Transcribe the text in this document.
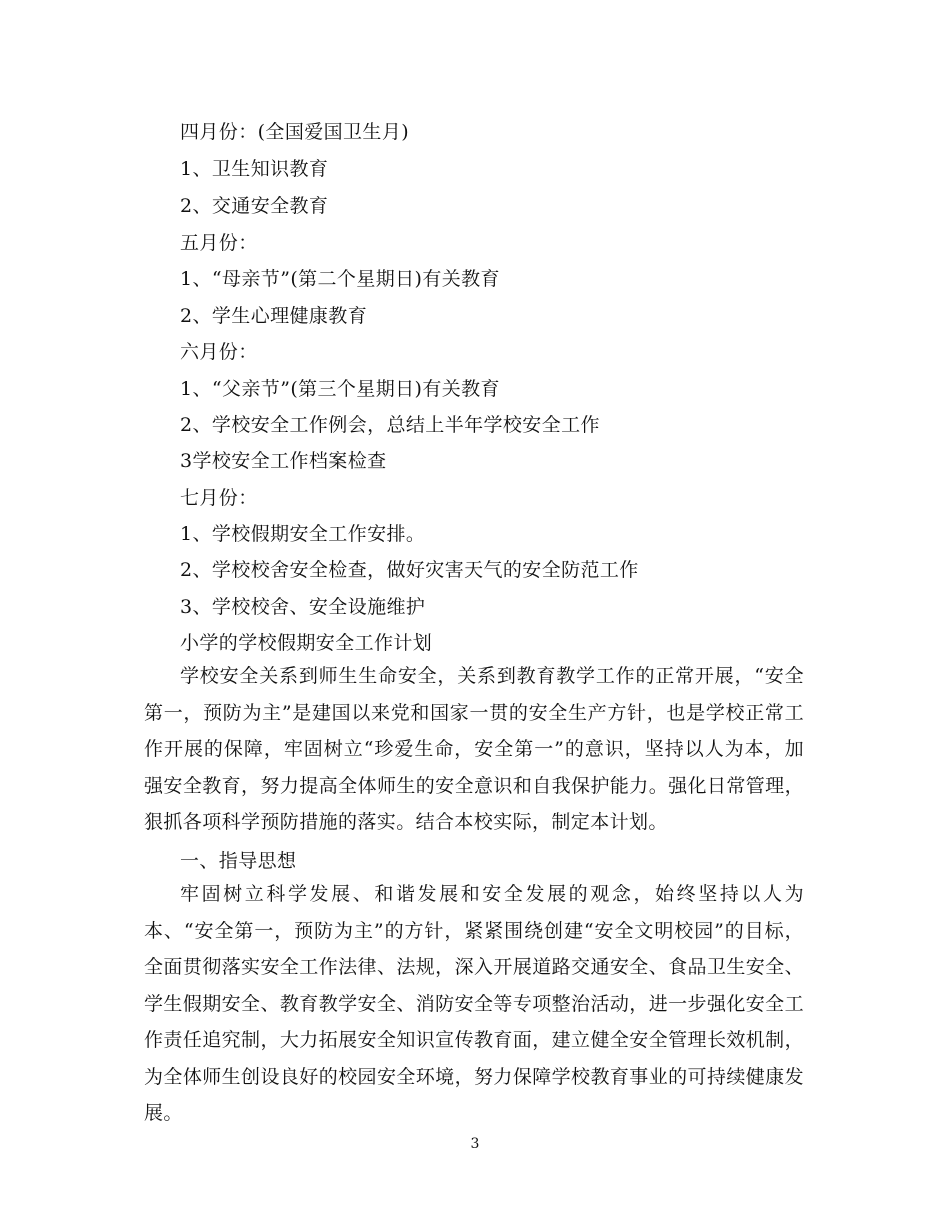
四月份：(全国爱国卫生月)
1、卫生知识教育
2、交通安全教育
五月份：
1、“母亲节”(第二个星期日)有关教育
2、学生心理健康教育
六月份：
1、“父亲节”(第三个星期日)有关教育
2、学校安全工作例会，总结上半年学校安全工作
3学校安全工作档案检查
七月份：
1、学校假期安全工作安排。
2、学校校舍安全检查，做好灾害天气的安全防范工作
3、学校校舍、安全设施维护
小学的学校假期安全工作计划
学校安全关系到师生生命安全，关系到教育教学工作的正常开展，“安全第一，预防为主”是建国以来党和国家一贯的安全生产方针，也是学校正常工作开展的保障，牢固树立“珍爱生命，安全第一”的意识，坚持以人为本，加强安全教育，努力提高全体师生的安全意识和自我保护能力。强化日常管理，狠抓各项科学预防措施的落实。结合本校实际，制定本计划。
一、指导思想
牢固树立科学发展、和谐发展和安全发展的观念，始终坚持以人为本、“安全第一，预防为主”的方针，紧紧围绕创建“安全文明校园”的目标，全面贯彻落实安全工作法律、法规，深入开展道路交通安全、食品卫生安全、学生假期安全、教育教学安全、消防安全等专项整治活动，进一步强化安全工作责任追究制，大力拓展安全知识宣传教育面，建立健全安全管理长效机制，为全体师生创设良好的校园安全环境，努力保障学校教育事业的可持续健康发展。
3
